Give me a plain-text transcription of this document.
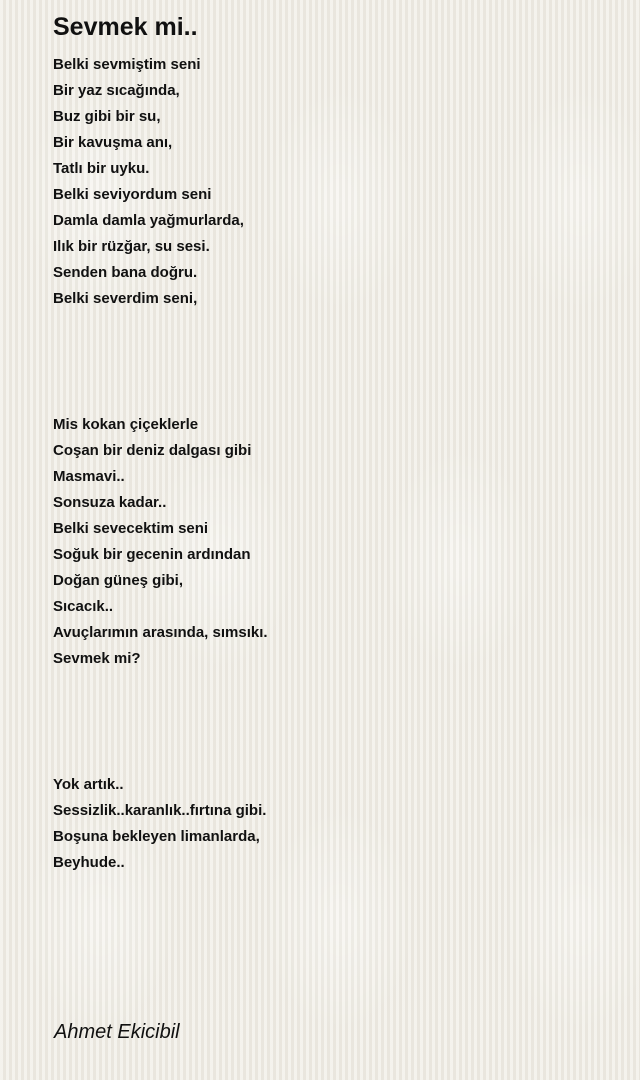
Sevmek mi..
Belki sevmiştim seni
Bir yaz sıcağında,
Buz gibi bir su,
Bir kavuşma anı,
Tatlı bir uyku.
Belki seviyordum seni
Damla damla yağmurlarda,
Ilık bir rüzğar, su sesi.
Senden bana doğru.
Belki severdim seni,
Mis kokan çiçeklerle
Coşan bir deniz dalgası gibi
Masmavi..
Sonsuza kadar..
Belki sevecektim seni
Soğuk bir gecenin ardından
Doğan güneş gibi,
Sıcacık..
Avuçlarımın arasında, sımsıkı.
Sevmek mi?
Yok artık..
Sessizlik..karanlık..fırtına gibi.
Boşuna bekleyen limanlarda,
Beyhude..
Ahmet Ekicibil
